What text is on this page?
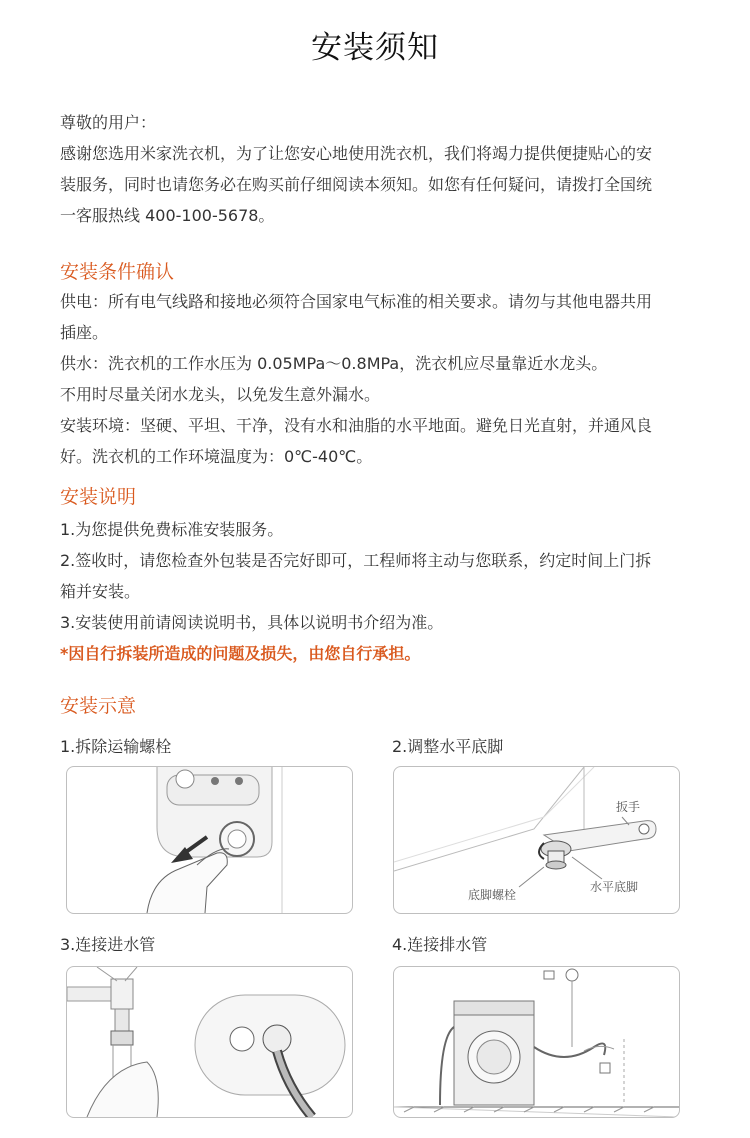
安装须知
尊敬的用户：
感谢您选用米家洗衣机，为了让您安心地使用洗衣机，我们将竭力提供便捷贴心的安
装服务，同时也请您务必在购买前仔细阅读本须知。如您有任何疑问，请拨打全国统
一客服热线 400-100-5678。
安装条件确认
供电：所有电气线路和接地必须符合国家电气标准的相关要求。请勿与其他电器共用
插座。
供水：洗衣机的工作水压为 0.05MPa～0.8MPa，洗衣机应尽量靠近水龙头。
不用时尽量关闭水龙头，以免发生意外漏水。
安装环境：坚硬、平坦、干净，没有水和油脂的水平地面。避免日光直射，并通风良
好。洗衣机的工作环境温度为：0℃-40℃。
安装说明
1.为您提供免费标准安装服务。
2.签收时，请您检查外包装是否完好即可，工程师将主动与您联系，约定时间上门拆
箱并安装。
3.安装使用前请阅读说明书，具体以说明书介绍为准。
*因自行拆装所造成的问题及损失，由您自行承担。
安装示意
1.拆除运输螺栓	2.调整水平底脚
扳手
底脚螺栓
水平底脚
3.连接进水管	4.连接排水管
